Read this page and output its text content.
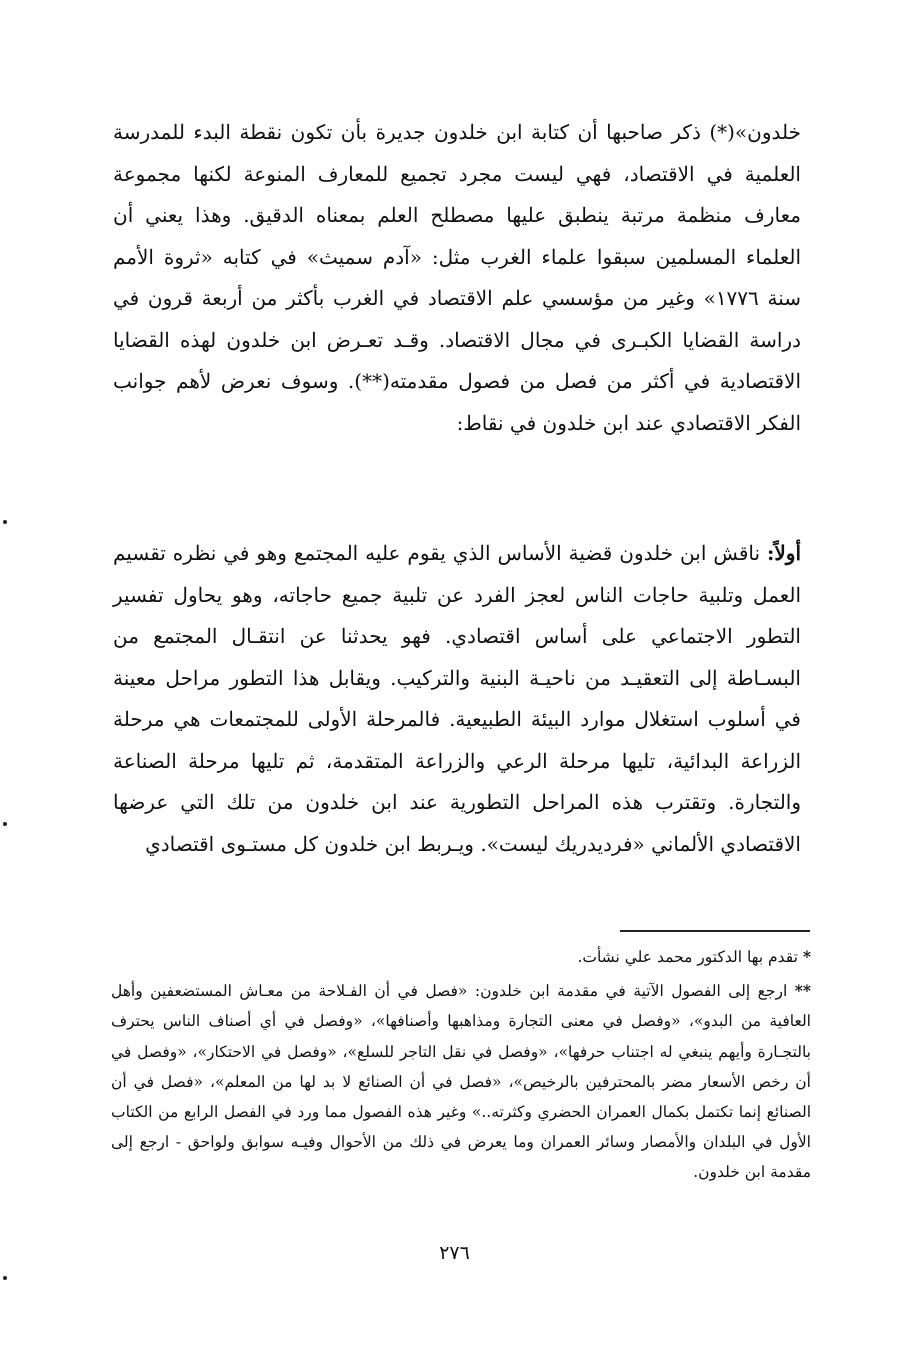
خلدون»(*) ذكر صاحبها أن كتابة ابن خلدون جديرة بأن تكون نقطة البدء للمدرسة العلمية في الاقتصاد، فهي ليست مجرد تجميع للمعارف المنوعة لكنها مجموعة معارف منظمة مرتبة ينطبق عليها مصطلح العلم بمعناه الدقيق. وهذا يعني أن العلماء المسلمين سبقوا علماء الغرب مثل: «آدم سميث» في كتابه «ثروة الأمم سنة ١٧٧٦» وغير من مؤسسي علم الاقتصاد في الغرب بأكثر من أربعة قرون في دراسة القضايا الكبـرى في مجال الاقتصاد. وقـد تعـرض ابن خلدون لهذه القضايا الاقتصادية في أكثر من فصل من فصول مقدمته(**). وسوف نعرض لأهم جوانب الفكر الاقتصادي عند ابن خلدون في نقاط:

أولاً: ناقش ابن خلدون قضية الأساس الذي يقوم عليه المجتمع وهو في نظره تقسيم العمل وتلبية حاجات الناس لعجز الفرد عن تلبية جميع حاجاته، وهو يحاول تفسير التطور الاجتماعي على أساس اقتصادي. فهو يحدثنا عن انتقـال المجتمع من البسـاطة إلى التعقيـد من ناحيـة البنية والتركيب. ويقابل هذا التطور مراحل معينة في أسلوب استغلال موارد البيئة الطبيعية. فالمرحلة الأولى للمجتمعات هي مرحلة الزراعة البدائية، تليها مرحلة الرعي والزراعة المتقدمة، ثم تليها مرحلة الصناعة والتجارة. وتقترب هذه المراحل التطورية عند ابن خلدون من تلك التي عرضها الاقتصادي الألماني «فردیدریك ليست». ويـربط ابن خلدون كل مستـوى اقتصادي

* تقدم بها الدكتور محمد علي نشأت.

** ارجع إلى الفصول الآتية في مقدمة ابن خلدون: «فصل في أن الفـلاحة من معـاش المستضعفين وأهل العافية من البدو»، «وفصل في معنى التجارة ومذاهبها وأصنافها»، «وفصل في أي أصناف الناس يحترف بالتجـارة وأيهم ينبغي له اجتناب حرفها»، «وفصل في نقل التاجر للسلع»، «وفصل في الاحتكار»، «وفصل في أن رخص الأسعار مضر بالمحترفين بالرخيص»، «فصل في أن الصنائع لا بد لها من المعلم»، «فصل في أن الصنائع إنما تكتمل بكمال العمران الحضري وكثرته..» وغير هذه الفصول مما ورد في الفصل الرابع من الكتاب الأول في البلدان والأمصار وسائر العمران وما يعرض في ذلك من الأحوال وفيـه سوابق ولواحق - ارجع إلى مقدمة ابن خلدون.

٢٧٦
